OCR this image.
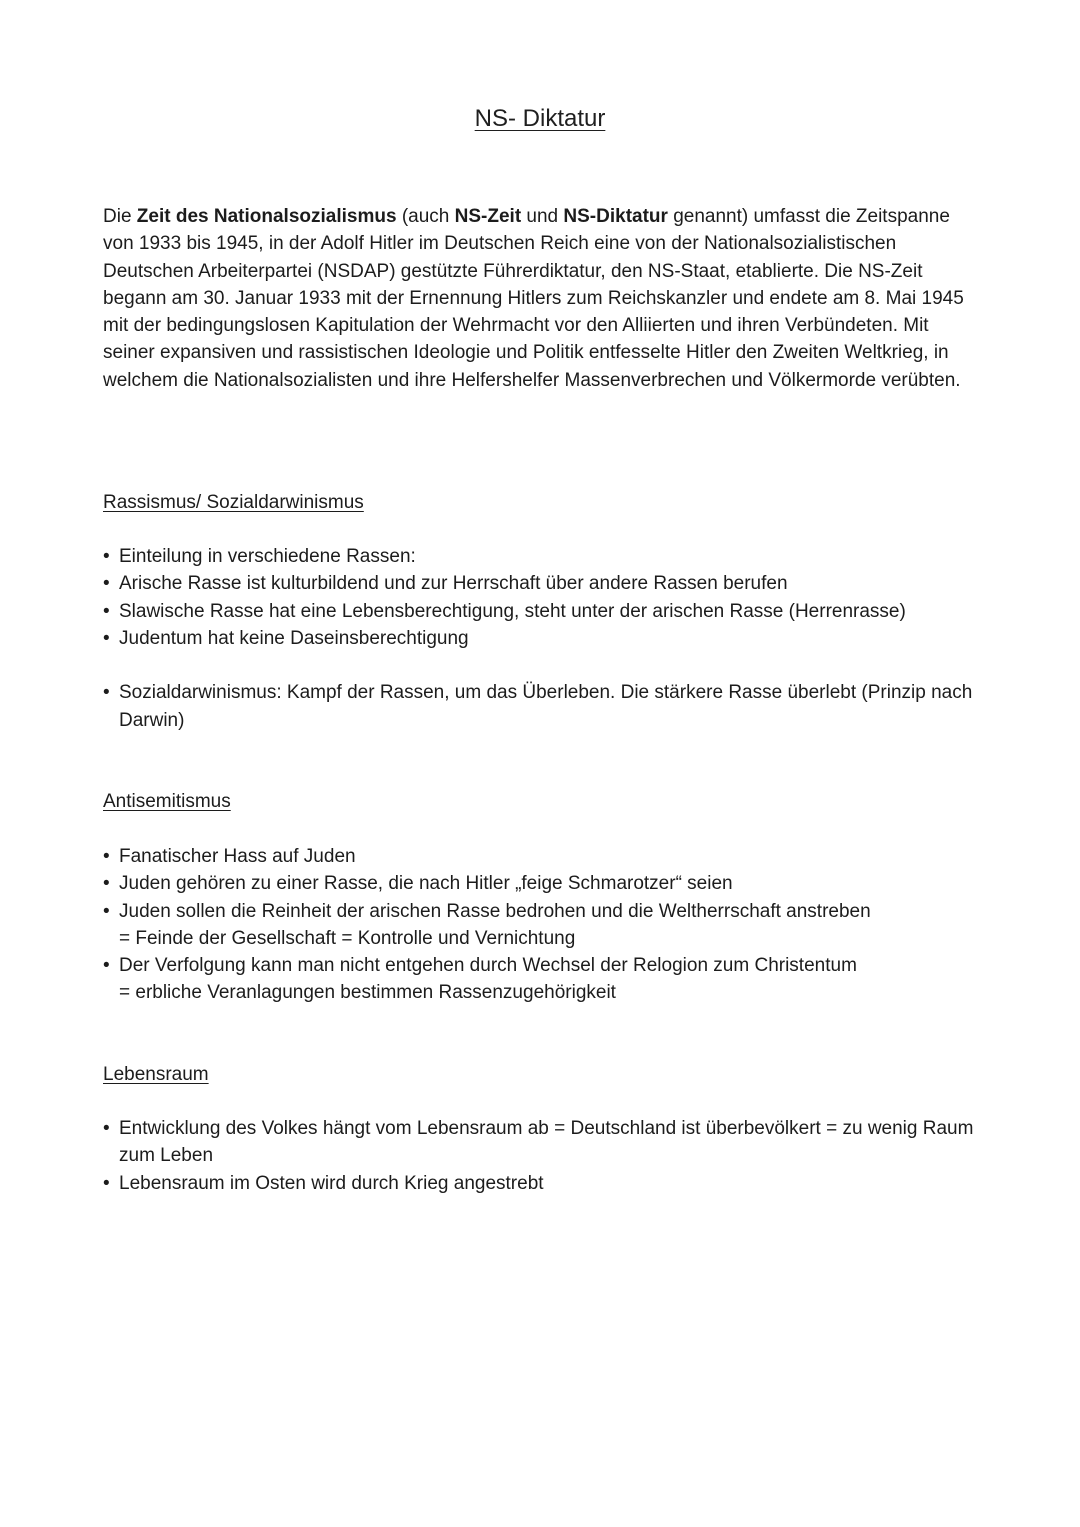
NS- Diktatur

Die Zeit des Nationalsozialismus (auch NS-Zeit und NS-Diktatur genannt) umfasst die Zeitspanne von 1933 bis 1945, in der Adolf Hitler im Deutschen Reich eine von der Nationalsozialistischen Deutschen Arbeiterpartei (NSDAP) gestützte Führerdiktatur, den NS-Staat, etablierte. Die NS-Zeit begann am 30. Januar 1933 mit der Ernennung Hitlers zum Reichskanzler und endete am 8. Mai 1945 mit der bedingungslosen Kapitulation der Wehrmacht vor den Alliierten und ihren Verbündeten. Mit seiner expansiven und rassistischen Ideologie und Politik entfesselte Hitler den Zweiten Weltkrieg, in welchem die Nationalsozialisten und ihre Helfershelfer Massenverbrechen und Völkermorde verübten.

Rassismus/ Sozialdarwinismus
• Einteilung in verschiedene Rassen:
• Arische Rasse ist kulturbildend und zur Herrschaft über andere Rassen berufen
• Slawische Rasse hat eine Lebensberechtigung, steht unter der arischen Rasse (Herrenrasse)
• Judentum hat keine Daseinsberechtigung
• Sozialdarwinismus: Kampf der Rassen, um das Überleben. Die stärkere Rasse überlebt (Prinzip nach Darwin)
Antisemitismus
• Fanatischer Hass auf Juden
• Juden gehören zu einer Rasse, die nach Hitler „feige Schmarotzer“ seien
• Juden sollen die Reinheit der arischen Rasse bedrohen und die Weltherrschaft anstreben
= Feinde der Gesellschaft = Kontrolle und Vernichtung
• Der Verfolgung kann man nicht entgehen durch Wechsel der Relogion zum Christentum
= erbliche Veranlagungen bestimmen Rassenzugehörigkeit
Lebensraum
• Entwicklung des Volkes hängt vom Lebensraum ab = Deutschland ist überbevölkert = zu wenig Raum zum Leben
• Lebensraum im Osten wird durch Krieg angestrebt
